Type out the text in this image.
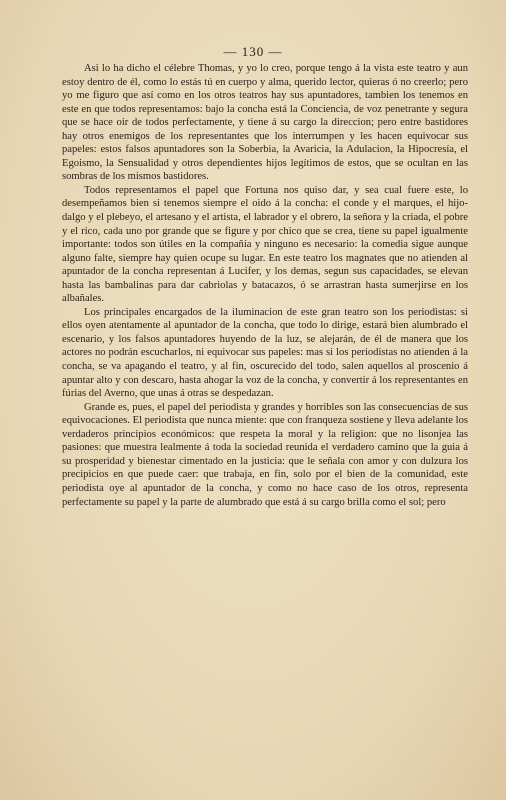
— 130 —

Asi lo ha dicho el célebre Thomas, y yo lo creo, porque tengo á la vista este teatro y aun estoy dentro de él, como lo estás tú en cuerpo y alma, querido lector, quieras ó no creerlo; pero yo me figuro que así como en los otros teatros hay sus apuntadores, tambien los tenemos en este en que todos representamos: bajo la concha está la Conciencia, de voz penetrante y segura que se hace oir de todos perfectamente, y tiene á su cargo la direccion; pero entre bastidores hay otros enemigos de los representantes que los interrumpen y les hacen equivocar sus papeles: estos falsos apuntadores son la Soberbia, la Avaricia, la Adulacion, la Hipocresía, el Egoismo, la Sensualidad y otros dependientes hijos legítimos de estos, que se ocultan en las sombras de los mismos bastidores.

Todos representamos el papel que Fortuna nos quiso dar, y sea cual fuere este, lo desempeñamos bien si tenemos siempre el oido á la concha: el conde y el marques, el hijo-dalgo y el plebeyo, el artesano y el artista, el labrador y el obrero, la señora y la criada, el pobre y el rico, cada uno por grande que se figure y por chico que se crea, tiene su papel igualmente importante: todos son útiles en la compañía y ninguno es necesario: la comedia sigue aunque alguno falte, siempre hay quien ocupe su lugar. En este teatro los magnates que no atienden al apuntador de la concha representan á Lucifer, y los demas, segun sus capacidades, se elevan hasta las bambalinas para dar cabriolas y batacazos, ó se arrastran hasta sumerjirse en los albañales.

Los principales encargados de la iluminacion de este gran teatro son los periodistas: si ellos oyen atentamente al apuntador de la concha, que todo lo dirige, estará bien alumbrado el escenario, y los falsos apuntadores huyendo de la luz, se alejarán, de él de manera que los actores no podrán escucharlos, ni equivocar sus papeles: mas si los periodistas no atienden á la concha, se va apagando el teatro, y al fin, oscurecido del todo, salen aquellos al proscenio á apuntar alto y con descaro, hasta ahogar la voz de la concha, y convertir á los representantes en fúrias del Averno, que unas á otras se despedazan.

Grande es, pues, el papel del periodista y grandes y horribles son las consecuencias de sus equivocaciones. El periodista que nunca miente: que con franqueza sostiene y lleva adelante los verdaderos principios económicos: que respeta la moral y la religion: que no lisonjea las pasiones: que muestra lealmente á toda la sociedad reunida el verdadero camino que la guia á su prosperidad y bienestar cimentado en la justicia: que le señala con amor y con dulzura los precipicios en que puede caer: que trabaja, en fin, solo por el bien de la comunidad, este periodista oye al apuntador de la concha, y como no hace caso de los otros, representa perfectamente su papel y la parte de alumbrado que está á su cargo brilla como el sol; pero
